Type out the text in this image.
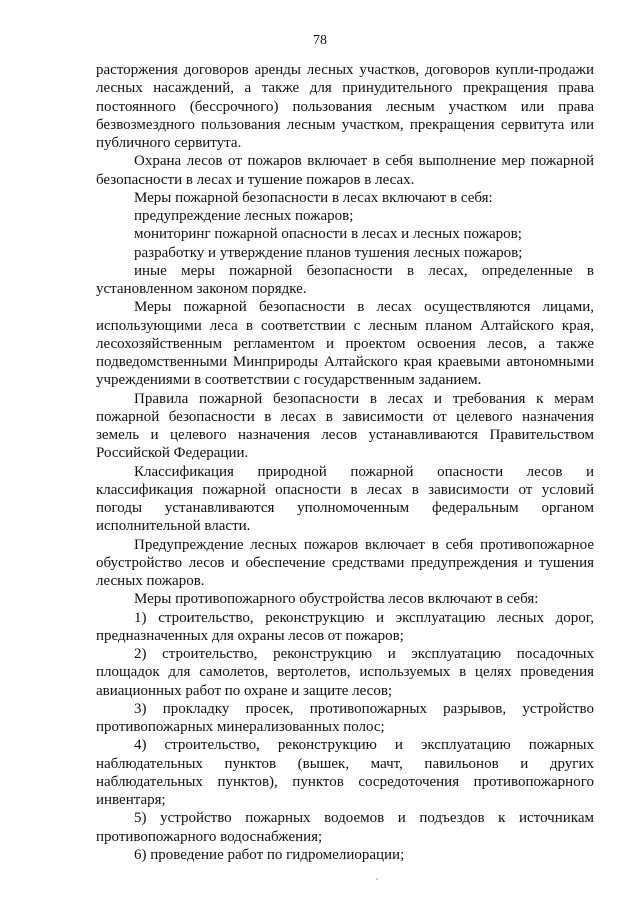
78

расторжения договоров аренды лесных участков, договоров купли-продажи лесных насаждений, а также для принудительного прекращения права постоянного (бессрочного) пользования лесным участком или права безвозмездного пользования лесным участком, прекращения сервитута или публичного сервитута.

Охрана лесов от пожаров включает в себя выполнение мер пожарной безопасности в лесах и тушение пожаров в лесах.

Меры пожарной безопасности в лесах включают в себя:

предупреждение лесных пожаров;

мониторинг пожарной опасности в лесах и лесных пожаров;

разработку и утверждение планов тушения лесных пожаров;

иные меры пожарной безопасности в лесах, определенные в установленном законом порядке.

Меры пожарной безопасности в лесах осуществляются лицами, использующими леса в соответствии с лесным планом Алтайского края, лесохозяйственным регламентом и проектом освоения лесов, а также подведомственными Минприроды Алтайского края краевыми автономными учреждениями в соответствии с государственным заданием.

Правила пожарной безопасности в лесах и требования к мерам пожарной безопасности в лесах в зависимости от целевого назначения земель и целевого назначения лесов устанавливаются Правительством Российской Федерации.

Классификация природной пожарной опасности лесов и классификация пожарной опасности в лесах в зависимости от условий погоды устанавливаются уполномоченным федеральным органом исполнительной власти.

Предупреждение лесных пожаров включает в себя противопожарное обустройство лесов и обеспечение средствами предупреждения и тушения лесных пожаров.

Меры противопожарного обустройства лесов включают в себя:

1) строительство, реконструкцию и эксплуатацию лесных дорог, предназначенных для охраны лесов от пожаров;

2) строительство, реконструкцию и эксплуатацию посадочных площадок для самолетов, вертолетов, используемых в целях проведения авиационных работ по охране и защите лесов;

3) прокладку просек, противопожарных разрывов, устройство противопожарных минерализованных полос;

4) строительство, реконструкцию и эксплуатацию пожарных наблюдательных пунктов (вышек, мачт, павильонов и других наблюдательных пунктов), пунктов сосредоточения противопожарного инвентаря;

5) устройство пожарных водоемов и подъездов к источникам противопожарного водоснабжения;

6) проведение работ по гидромелиорации;
